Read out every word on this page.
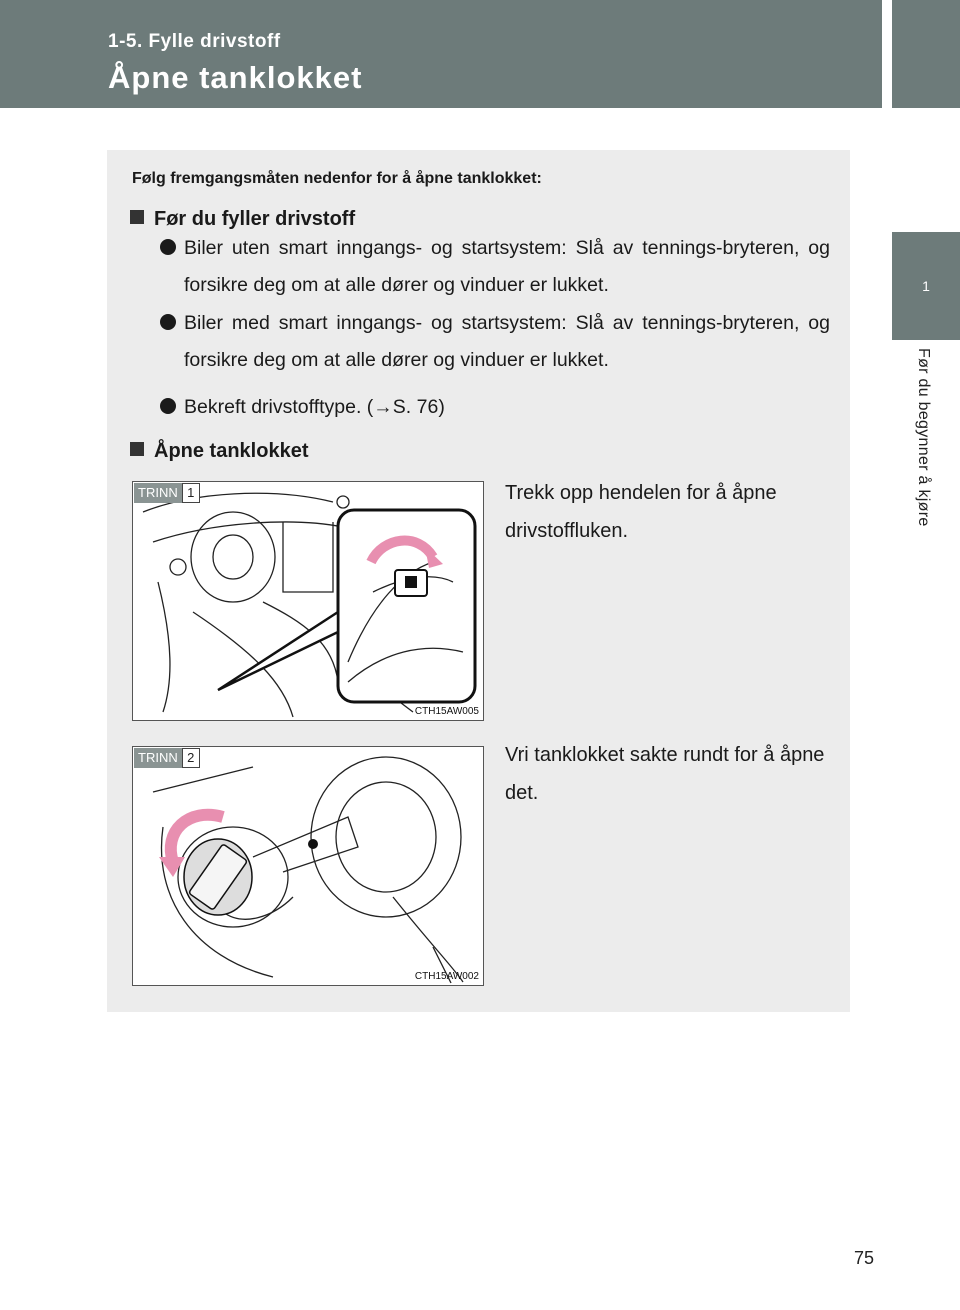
1-5. Fylle drivstoff
Åpne tanklokket
1
Før du begynner å kjøre
Følg fremgangsmåten nedenfor for å åpne tanklokket:
Før du fyller drivstoff
Biler uten smart inngangs- og startsystem: Slå av tennings-bryteren, og forsikre deg om at alle dører og vinduer er lukket.
Biler med smart inngangs- og startsystem: Slå av tennings-bryteren, og forsikre deg om at alle dører og vinduer er lukket.
Bekreft drivstofftype. (→S. 76)
Åpne tanklokket
TRINN 1
CTH15AW005
Trekk opp hendelen for å åpne drivstoffluken.
TRINN 2
CTH15AW002
Vri tanklokket sakte rundt for å åpne det.
75
